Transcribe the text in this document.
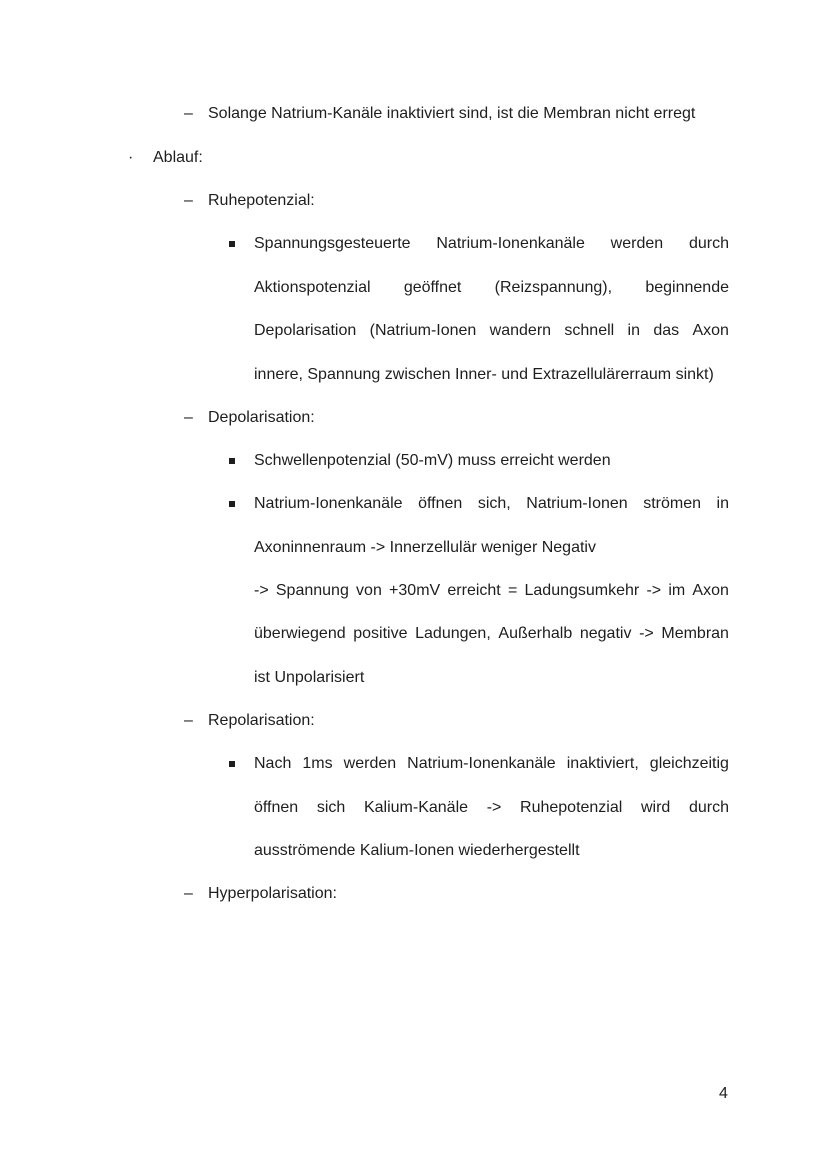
– Solange Natrium-Kanäle inaktiviert sind, ist die Membran nicht erregt
· Ablauf:
– Ruhepotenzial:
Spannungsgesteuerte Natrium-Ionenkanäle werden durch
Aktionspotenzial geöffnet (Reizspannung), beginnende
Depolarisation (Natrium-Ionen wandern schnell in das Axon
innere, Spannung zwischen Inner- und Extrazellulärerraum sinkt)
– Depolarisation:
Schwellenpotenzial (50-mV) muss erreicht werden
Natrium-Ionenkanäle öffnen sich, Natrium-Ionen strömen in
Axoninnenraum -> Innerzellulär weniger Negativ
-> Spannung von +30mV erreicht = Ladungsumkehr -> im Axon
überwiegend positive Ladungen, Außerhalb negativ -> Membran
ist Unpolarisiert
– Repolarisation:
Nach 1ms werden Natrium-Ionenkanäle inaktiviert, gleichzeitig
öffnen sich Kalium-Kanäle -> Ruhepotenzial wird durch
ausströmende Kalium-Ionen wiederhergestellt
– Hyperpolarisation:
4
